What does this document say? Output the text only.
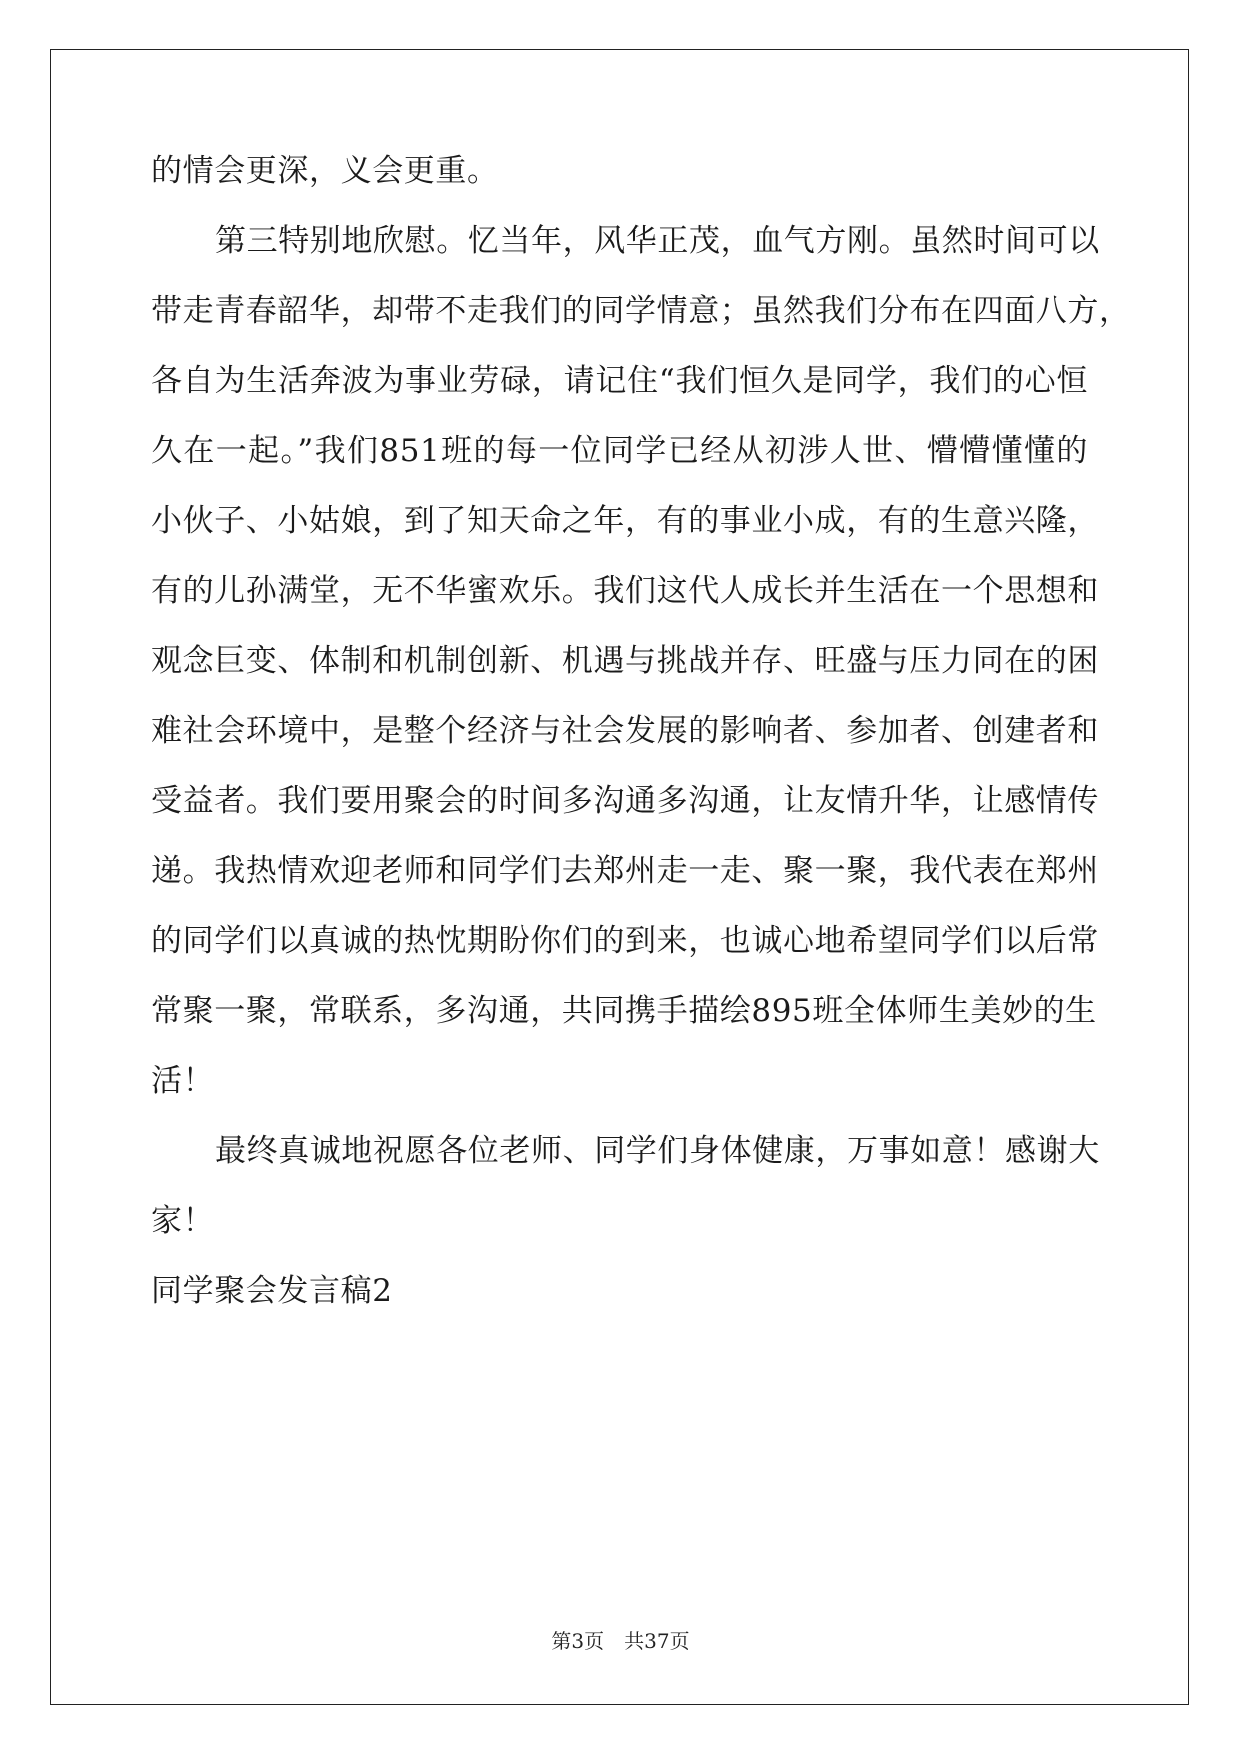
的情会更深，义会更重。
第三特别地欣慰。忆当年，风华正茂，血气方刚。虽然时间可以
带走青春韶华，却带不走我们的同学情意；虽然我们分布在四面八方，
各自为生活奔波为事业劳碌，请记住“我们恒久是同学，我们的心恒
久在一起。”我们851班的每一位同学已经从初涉人世、懵懵懂懂的
小伙子、小姑娘，到了知天命之年，有的事业小成，有的生意兴隆，
有的儿孙满堂，无不华蜜欢乐。我们这代人成长并生活在一个思想和
观念巨变、体制和机制创新、机遇与挑战并存、旺盛与压力同在的困
难社会环境中，是整个经济与社会发展的影响者、参加者、创建者和
受益者。我们要用聚会的时间多沟通多沟通，让友情升华，让感情传
递。我热情欢迎老师和同学们去郑州走一走、聚一聚，我代表在郑州
的同学们以真诚的热忱期盼你们的到来，也诚心地希望同学们以后常
常聚一聚，常联系，多沟通，共同携手描绘895班全体师生美妙的生
活！
最终真诚地祝愿各位老师、同学们身体健康，万事如意！感谢大
家！
同学聚会发言稿2
第3页　共37页
